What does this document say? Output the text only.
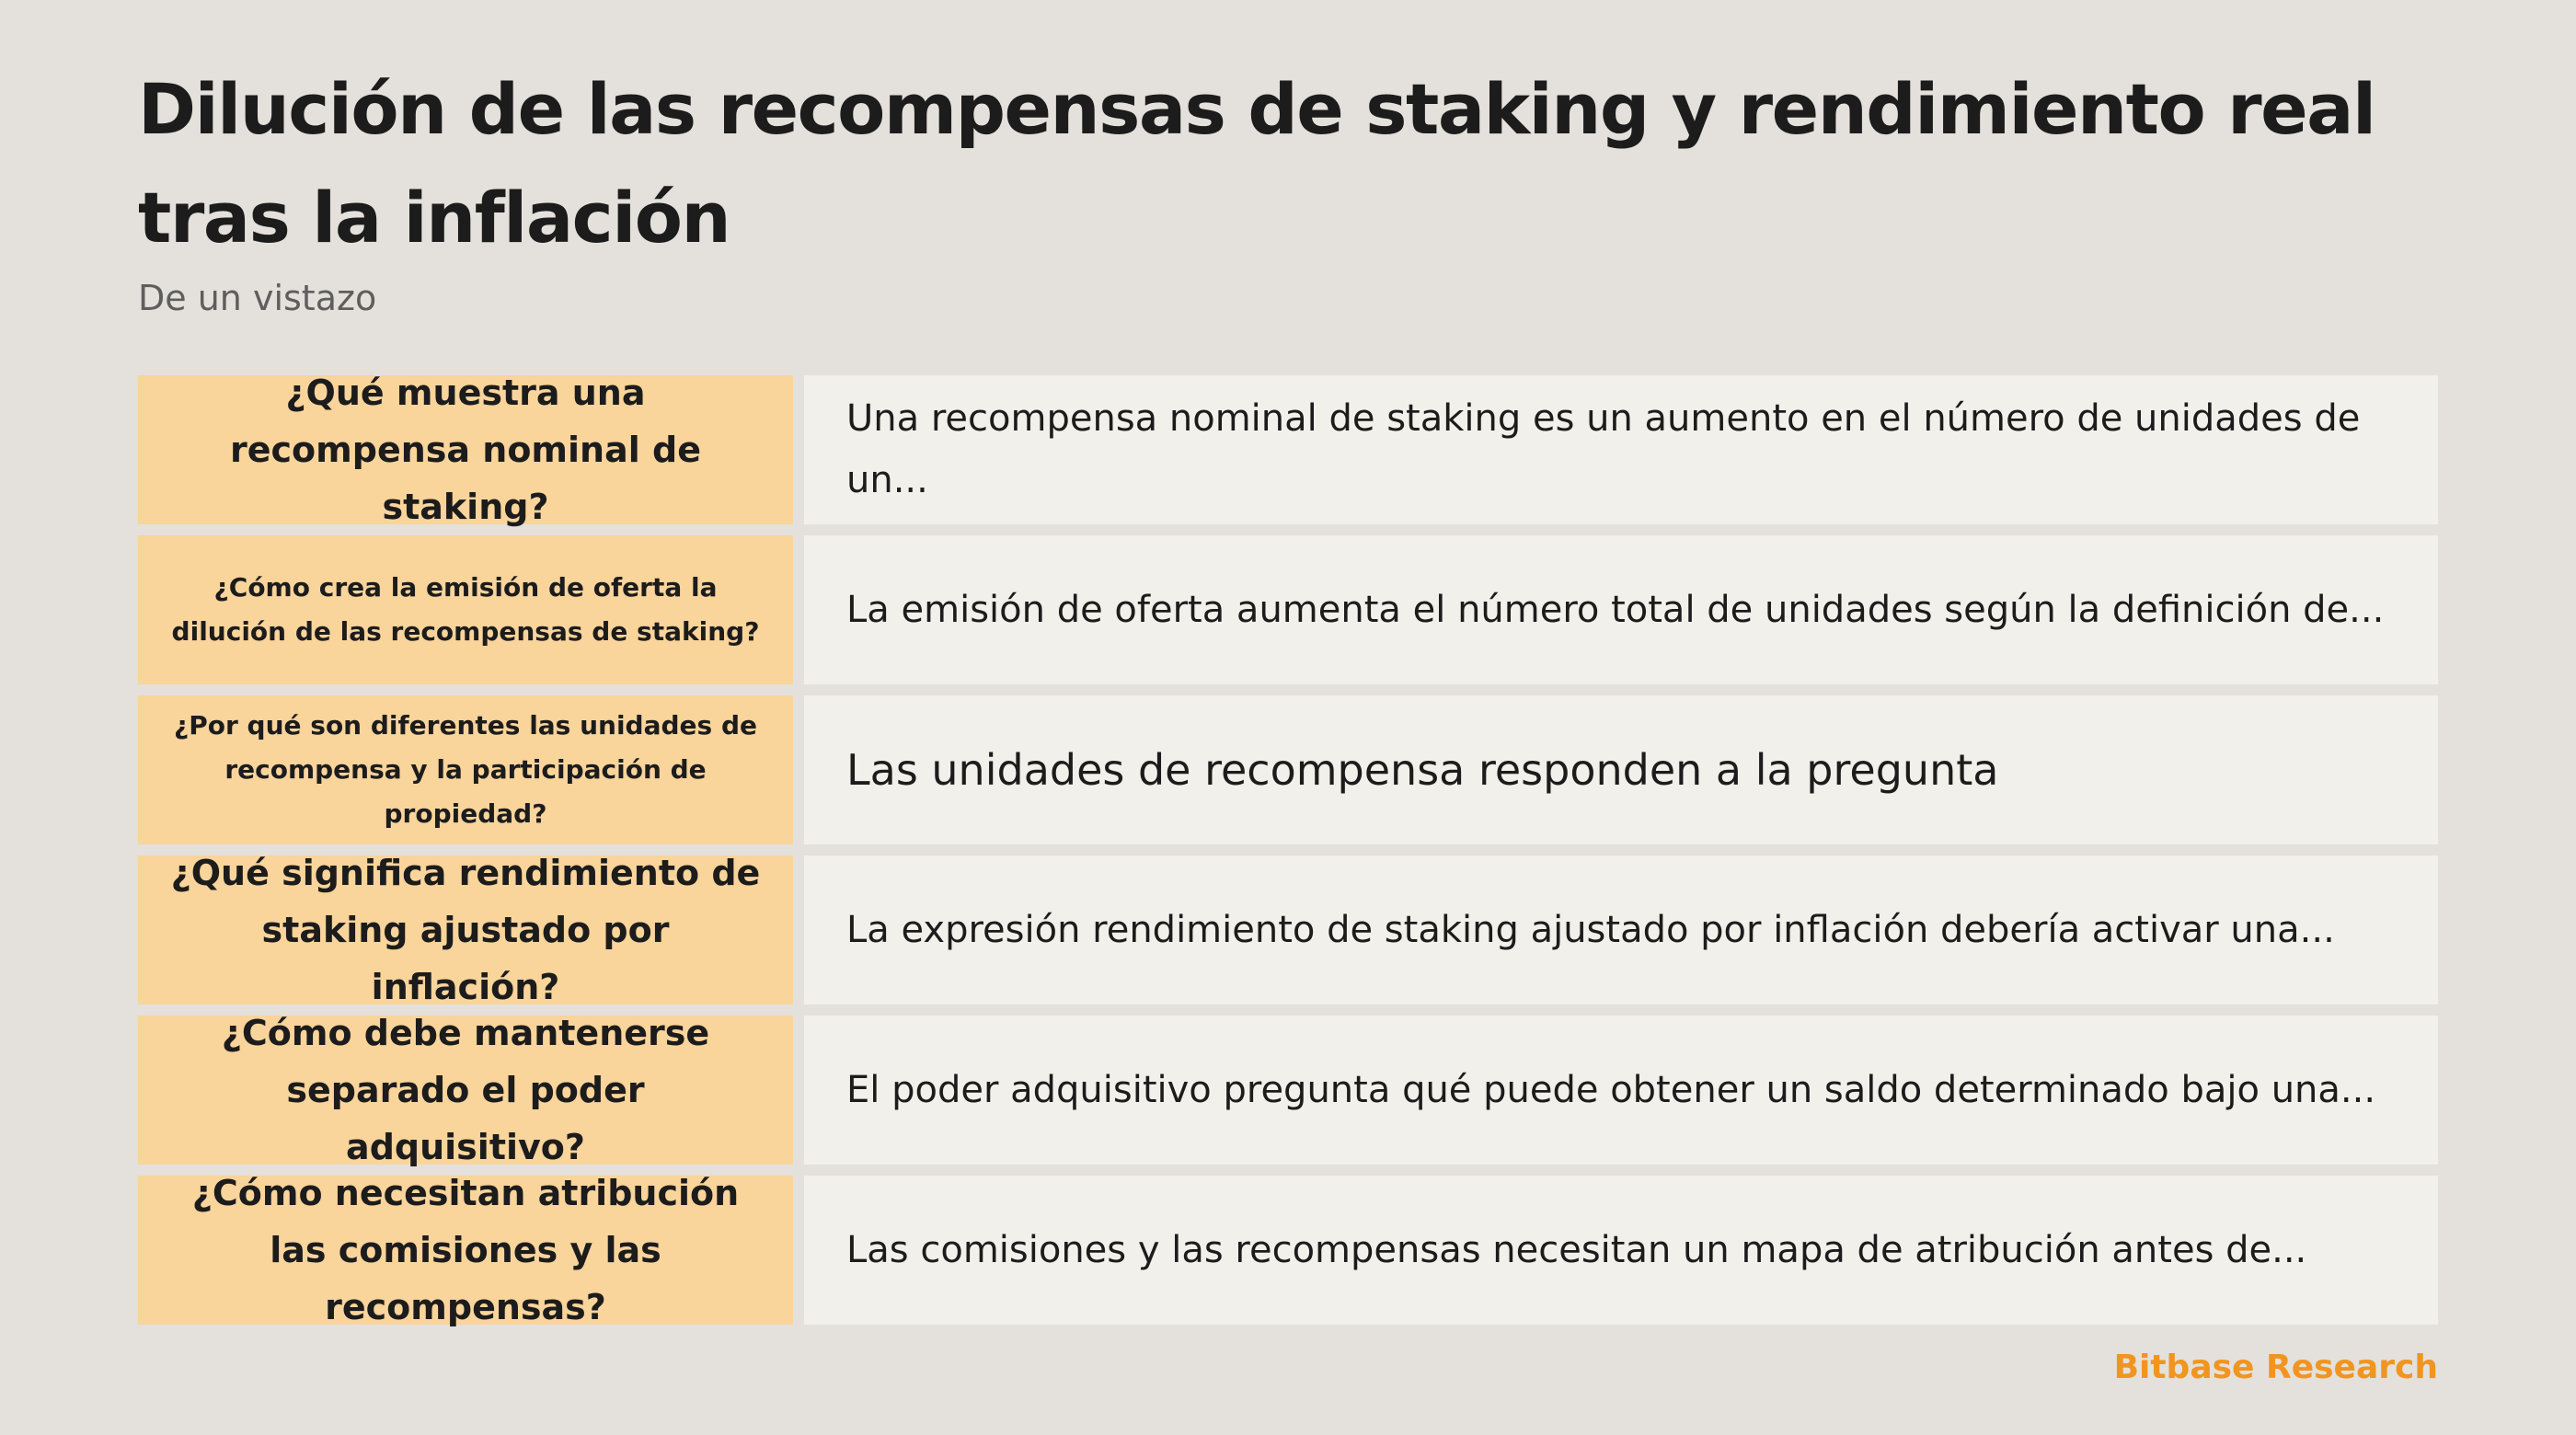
Dilución de las recompensas de staking y rendimiento real tras la inflación
De un vistazo
¿Qué muestra una recompensa nominal de staking?
Una recompensa nominal de staking es un aumento en el número de unidades de un...
¿Cómo crea la emisión de oferta la dilución de las recompensas de staking?
La emisión de oferta aumenta el número total de unidades según la definición de...
¿Por qué son diferentes las unidades de recompensa y la participación de propiedad?
Las unidades de recompensa responden a la pregunta
¿Qué significa rendimiento de staking ajustado por inflación?
La expresión rendimiento de staking ajustado por inflación debería activar una...
¿Cómo debe mantenerse separado el poder adquisitivo?
El poder adquisitivo pregunta qué puede obtener un saldo determinado bajo una...
¿Cómo necesitan atribución las comisiones y las recompensas?
Las comisiones y las recompensas necesitan un mapa de atribución antes de...
Bitbase Research
